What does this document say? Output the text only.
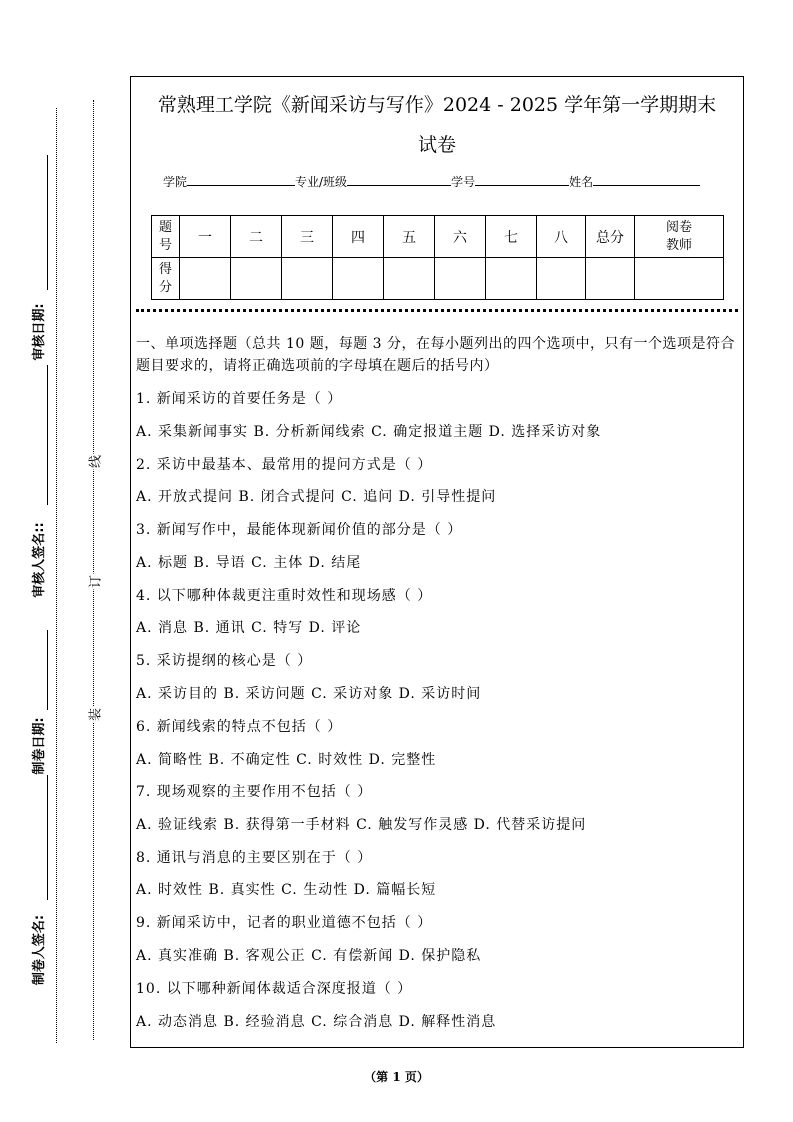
审核日期:
审核人签名::
制卷日期:
制卷人签名:
线
订
装
常熟理工学院《新闻采访与写作》2024 - 2025 学年第一学期期末
试卷
学院	专业/班级	学号	姓名
题
号	一	二	三	四	五	六	七	八	总分	阅卷
教师
得
分										
一、单项选择题（总共 10 题，每题 3 分，在每小题列出的四个选项中，只有一个选项是符合题目要求的，请将正确选项前的字母填在题后的括号内）
1. 新闻采访的首要任务是（ ）
A. 采集新闻事实 B. 分析新闻线索 C. 确定报道主题 D. 选择采访对象
2. 采访中最基本、最常用的提问方式是（ ）
A. 开放式提问 B. 闭合式提问 C. 追问 D. 引导性提问
3. 新闻写作中，最能体现新闻价值的部分是（ ）
A. 标题 B. 导语 C. 主体 D. 结尾
4. 以下哪种体裁更注重时效性和现场感（ ）
A. 消息 B. 通讯 C. 特写 D. 评论
5. 采访提纲的核心是（ ）
A. 采访目的 B. 采访问题 C. 采访对象 D. 采访时间
6. 新闻线索的特点不包括（ ）
A. 简略性 B. 不确定性 C. 时效性 D. 完整性
7. 现场观察的主要作用不包括（ ）
A. 验证线索 B. 获得第一手材料 C. 触发写作灵感 D. 代替采访提问
8. 通讯与消息的主要区别在于（ ）
A. 时效性 B. 真实性 C. 生动性 D. 篇幅长短
9. 新闻采访中，记者的职业道德不包括（ ）
A. 真实准确 B. 客观公正 C. 有偿新闻 D. 保护隐私
10. 以下哪种新闻体裁适合深度报道（ ）
A. 动态消息 B. 经验消息 C. 综合消息 D. 解释性消息
（第 1 页）
